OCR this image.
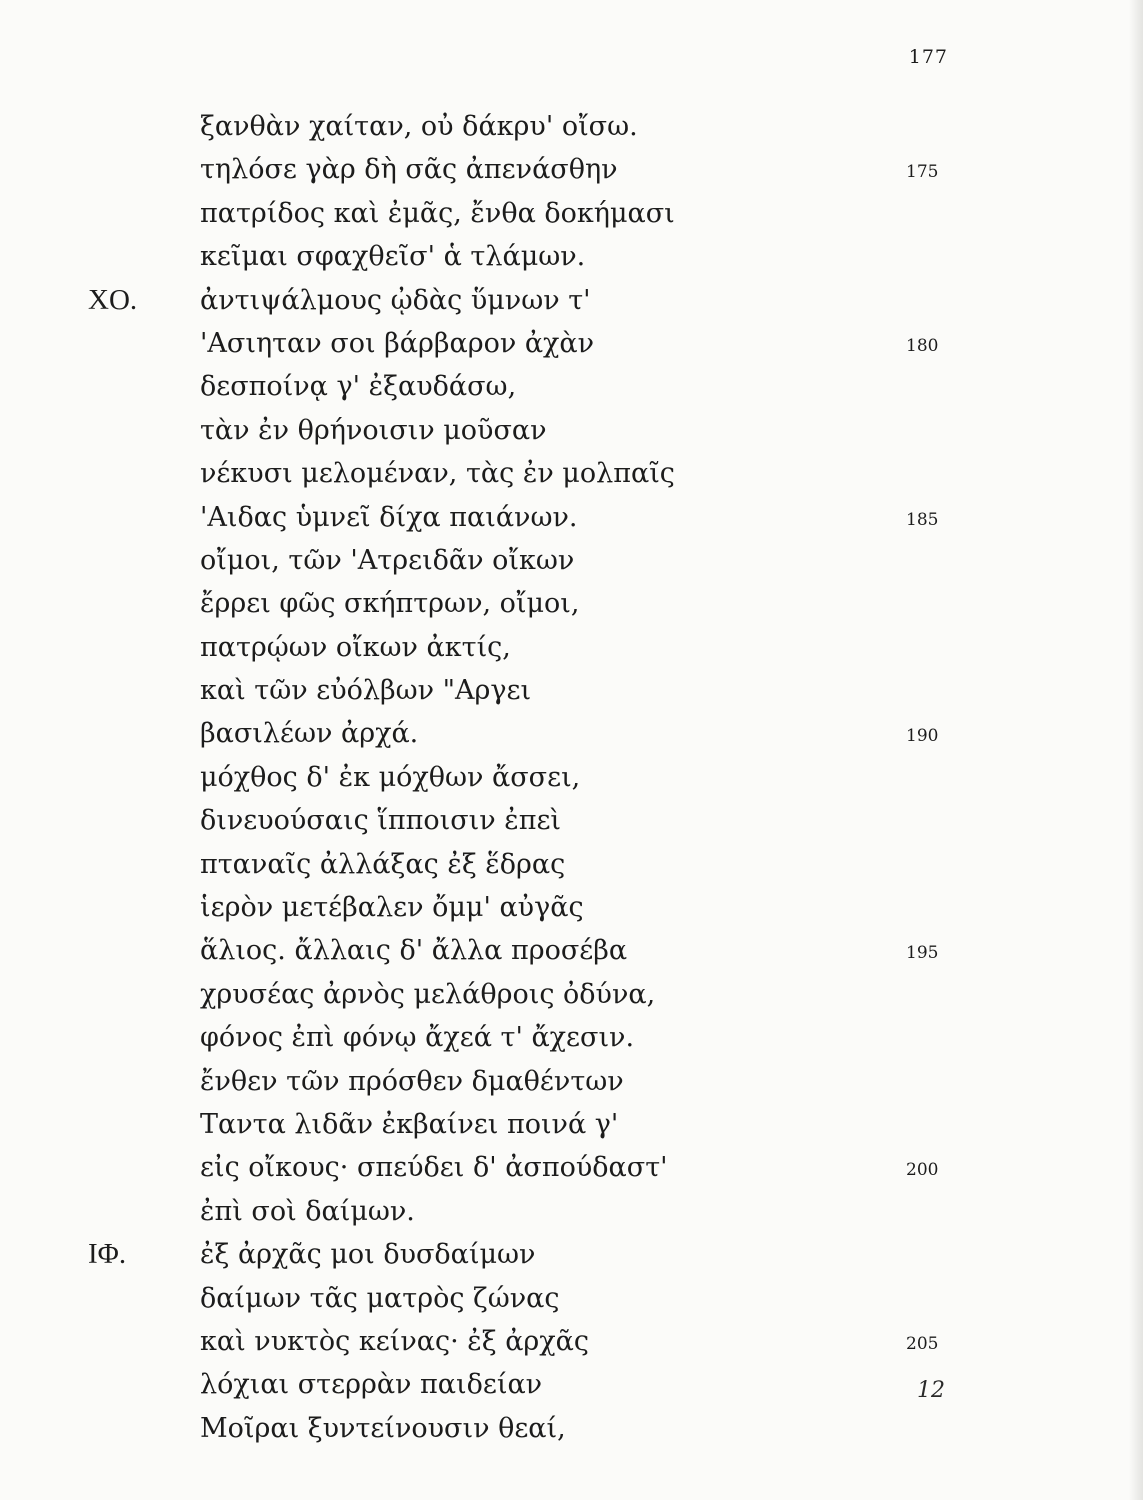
177
ξανθὰν χαίταν, οὐ δάκρυ' οἴσω.
τηλόσε γὰρ δὴ σᾶς ἀπενάσθην	175
πατρίδος καὶ ἐμᾶς, ἔνθα δοκήμασι
κεῖμαι σφαχθεῖσ' ἁ τλάμων.
ΧΟ. ἀντιψάλμους ᾠδὰς ὕμνων τ'
'Ασιηταν σοι βάρβαρον ἀχὰν	180
δεσποίνᾳ γ' ἐξαυδάσω,
τὰν ἐν θρήνοισιν μοῦσαν
νέκυσι μελομέναν, τὰς ἐν μολπαῖς
'Αιδας ὑμνεῖ δίχα παιάνων.	185
οἴμοι, τῶν 'Ατρειδᾶν οἴκων
ἔρρει φῶς σκήπτρων, οἴμοι,
πατρῴων οἴκων ἀκτίς,
καὶ τῶν εὐόλβων "Αργει
βασιλέων ἀρχά.	190
μόχθος δ' ἐκ μόχθων ἄσσει,
δινευούσαις ἵπποισιν ἐπεὶ
πταναῖς ἀλλάξας ἐξ ἕδρας
ἱερὸν μετέβαλεν ὄμμ' αὐγᾶς
ἅλιος. ἄλλαις δ' ἄλλα προσέβα	195
χρυσέας ἀρνὸς μελάθροις ὀδύνα,
φόνος ἐπὶ φόνῳ ἄχεά τ' ἄχεσιν.
ἔνθεν τῶν πρόσθεν δμαθέντων
Ταντα λιδᾶν ἐκβαίνει ποινά γ'
εἰς οἴκους· σπεύδει δ' ἀσπούδαστ'	200
ἐπὶ σοὶ δαίμων.
ΙΦ.	ἐξ ἀρχᾶς μοι δυσδαίμων
δαίμων τᾶς ματρὸς ζώνας
καὶ νυκτὸς κείνας· ἐξ ἀρχᾶς	205
λόχιαι στερρὰν παιδείαν
Μοῖραι ξυντείνουσιν θεαί,
12
